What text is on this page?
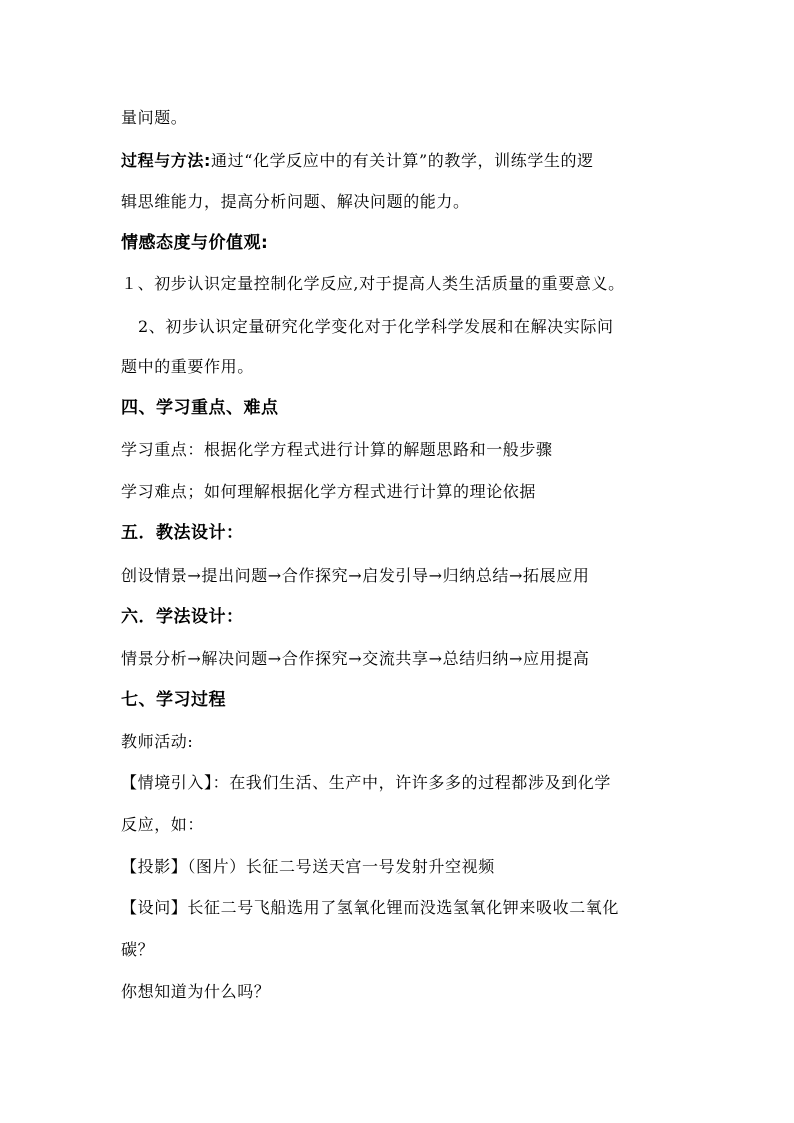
量问题。
过程与方法:通过“化学反应中的有关计算”的教学，训练学生的逻
辑思维能力，提高分析问题、解决问题的能力。
情感态度与价值观:
１、初步认识定量控制化学反应,对于提高人类生活质量的重要意义。
2、初步认识定量研究化学变化对于化学科学发展和在解决实际问
题中的重要作用。
四、学习重点、难点
学习重点：根据化学方程式进行计算的解题思路和一般步骤
学习难点；如何理解根据化学方程式进行计算的理论依据
五．教法设计：
创设情景→提出问题→合作探究→启发引导→归纳总结→拓展应用
六．学法设计：
情景分析→解决问题→合作探究→交流共享→总结归纳→应用提高
七、学习过程
教师活动:
【情境引入】：在我们生活、生产中，许许多多的过程都涉及到化学
反应，如：
【投影】（图片）长征二号送天宫一号发射升空视频
【设问】长征二号飞船选用了氢氧化锂而没选氢氧化钾来吸收二氧化
碳？
你想知道为什么吗？
